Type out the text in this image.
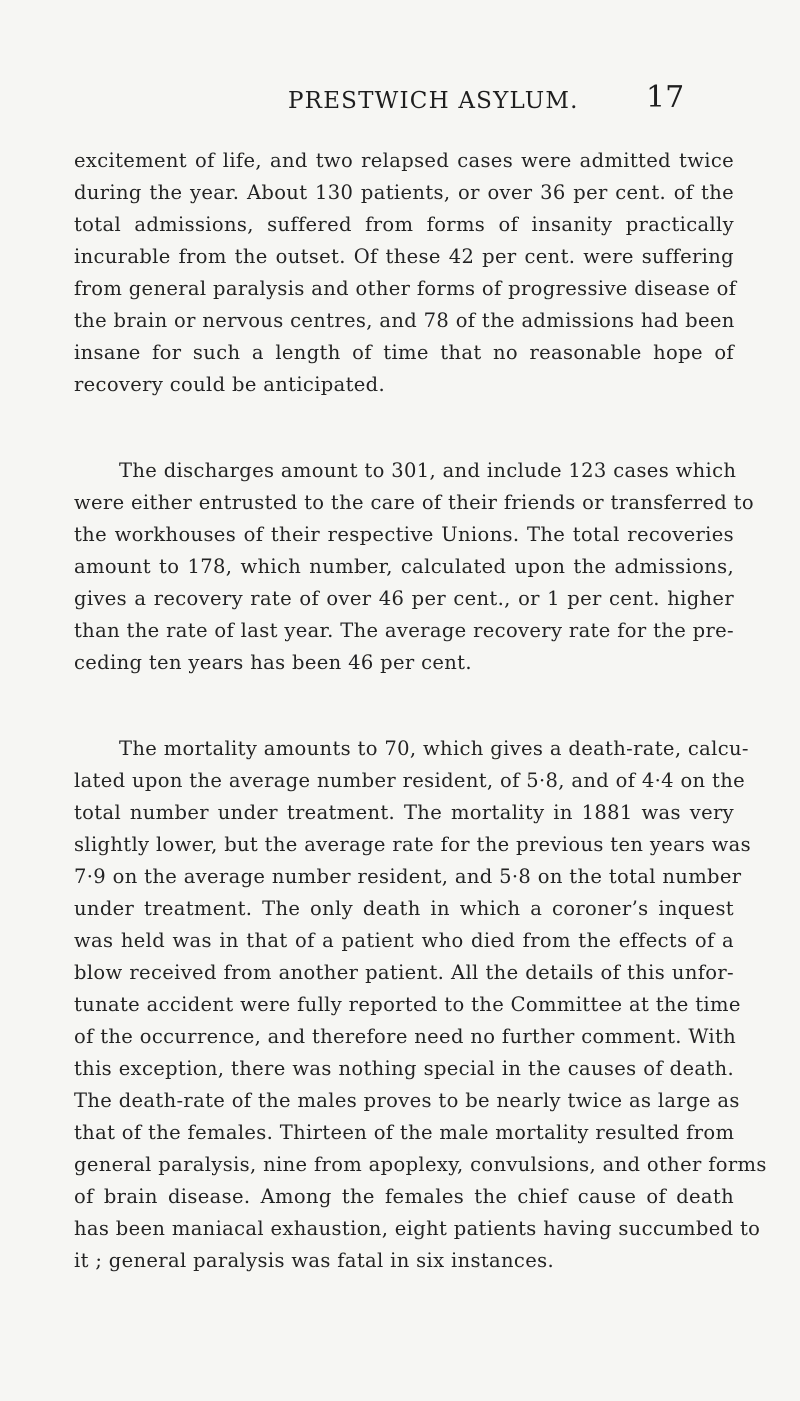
PRESTWICH ASYLUM. 17
excitement of life, and two relapsed cases were admitted twice
during the year. About 130 patients, or over 36 per cent. of the
total admissions, suffered from forms of insanity practically
incurable from the outset. Of these 42 per cent. were suffering
from general paralysis and other forms of progressive disease of
the brain or nervous centres, and 78 of the admissions had been
insane for such a length of time that no reasonable hope of
recovery could be anticipated.
The discharges amount to 301, and include 123 cases which
were either entrusted to the care of their friends or transferred to
the workhouses of their respective Unions. The total recoveries
amount to 178, which number, calculated upon the admissions,
gives a recovery rate of over 46 per cent., or 1 per cent. higher
than the rate of last year. The average recovery rate for the pre-
ceding ten years has been 46 per cent.
The mortality amounts to 70, which gives a death-rate, calcu-
lated upon the average number resident, of 5·8, and of 4·4 on the
total number under treatment. The mortality in 1881 was very
slightly lower, but the average rate for the previous ten years was
7·9 on the average number resident, and 5·8 on the total number
under treatment. The only death in which a coroner’s inquest
was held was in that of a patient who died from the effects of a
blow received from another patient. All the details of this unfor-
tunate accident were fully reported to the Committee at the time
of the occurrence, and therefore need no further comment. With
this exception, there was nothing special in the causes of death.
The death-rate of the males proves to be nearly twice as large as
that of the females. Thirteen of the male mortality resulted from
general paralysis, nine from apoplexy, convulsions, and other forms
of brain disease. Among the females the chief cause of death
has been maniacal exhaustion, eight patients having succumbed to
it ; general paralysis was fatal in six instances.
